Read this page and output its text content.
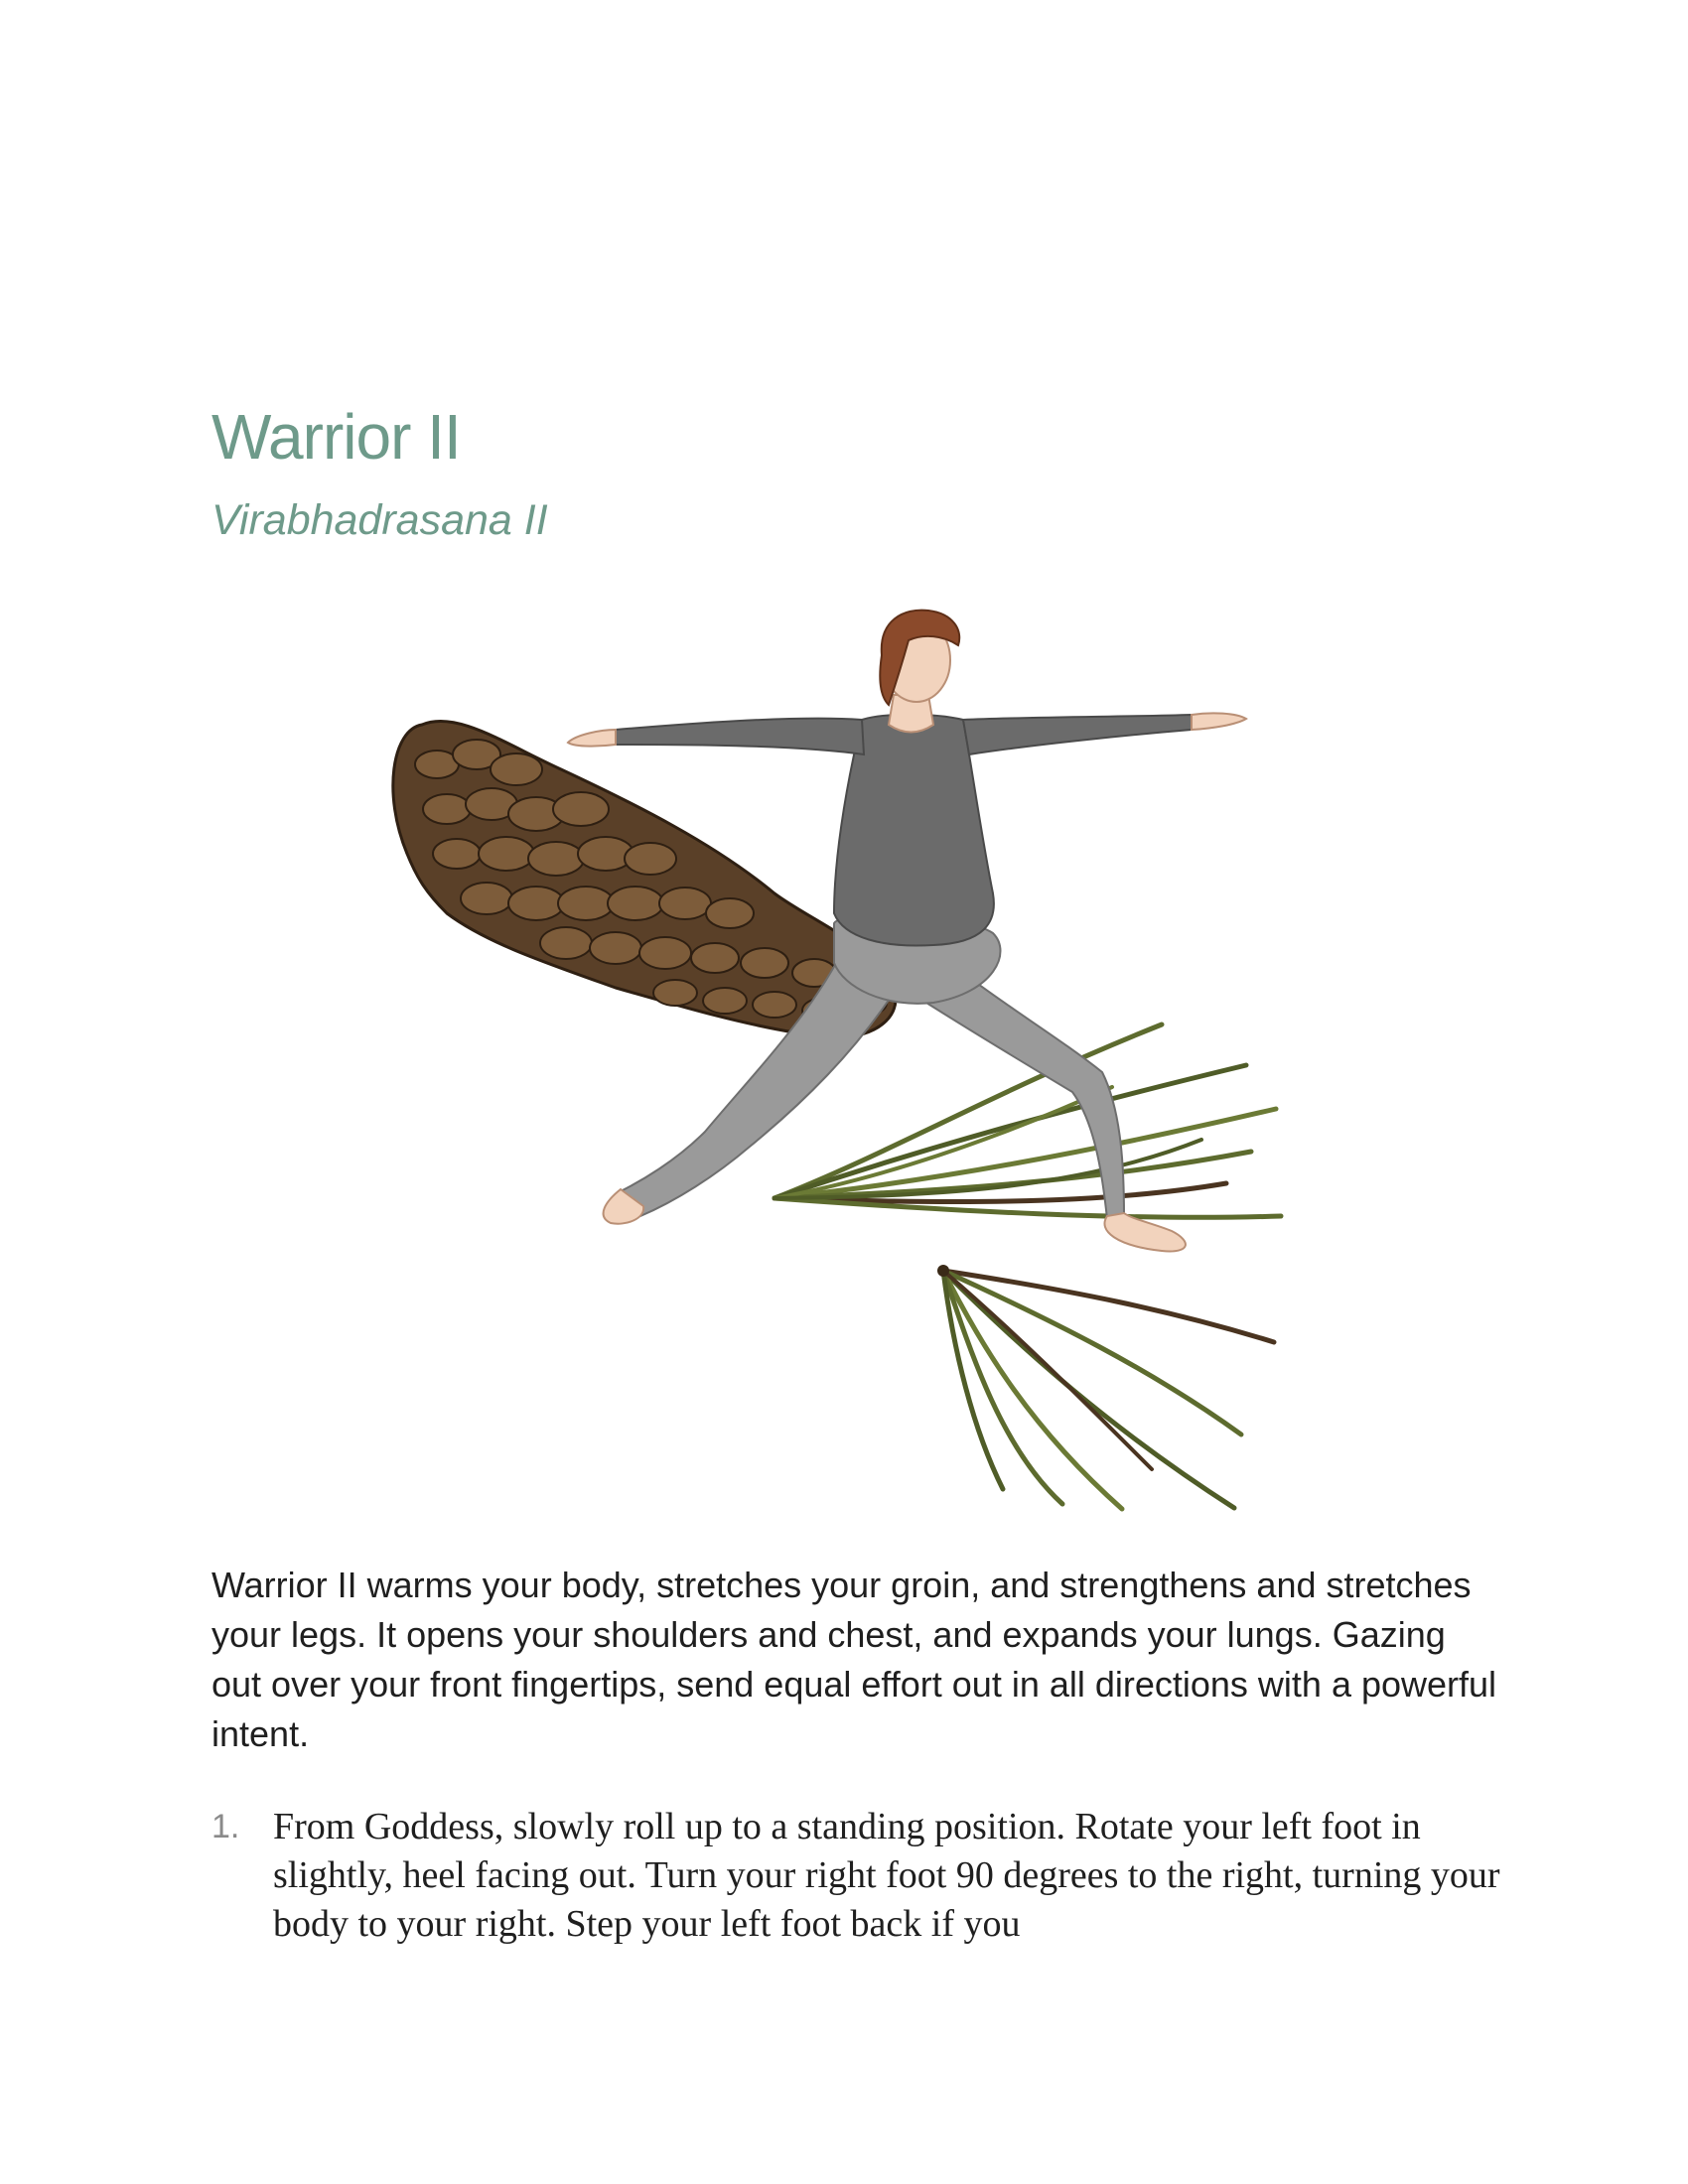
Warrior II
Virabhadrasana II

Warrior II warms your body, stretches your groin, and strengthens and stretches your legs. It opens your shoulders and chest, and expands your lungs. Gazing out over your front fingertips, send equal effort out in all directions with a powerful intent.

1. From Goddess, slowly roll up to a standing position. Rotate your left foot in slightly, heel facing out. Turn your right foot 90 degrees to the right, turning your body to your right. Step your left foot back if you
